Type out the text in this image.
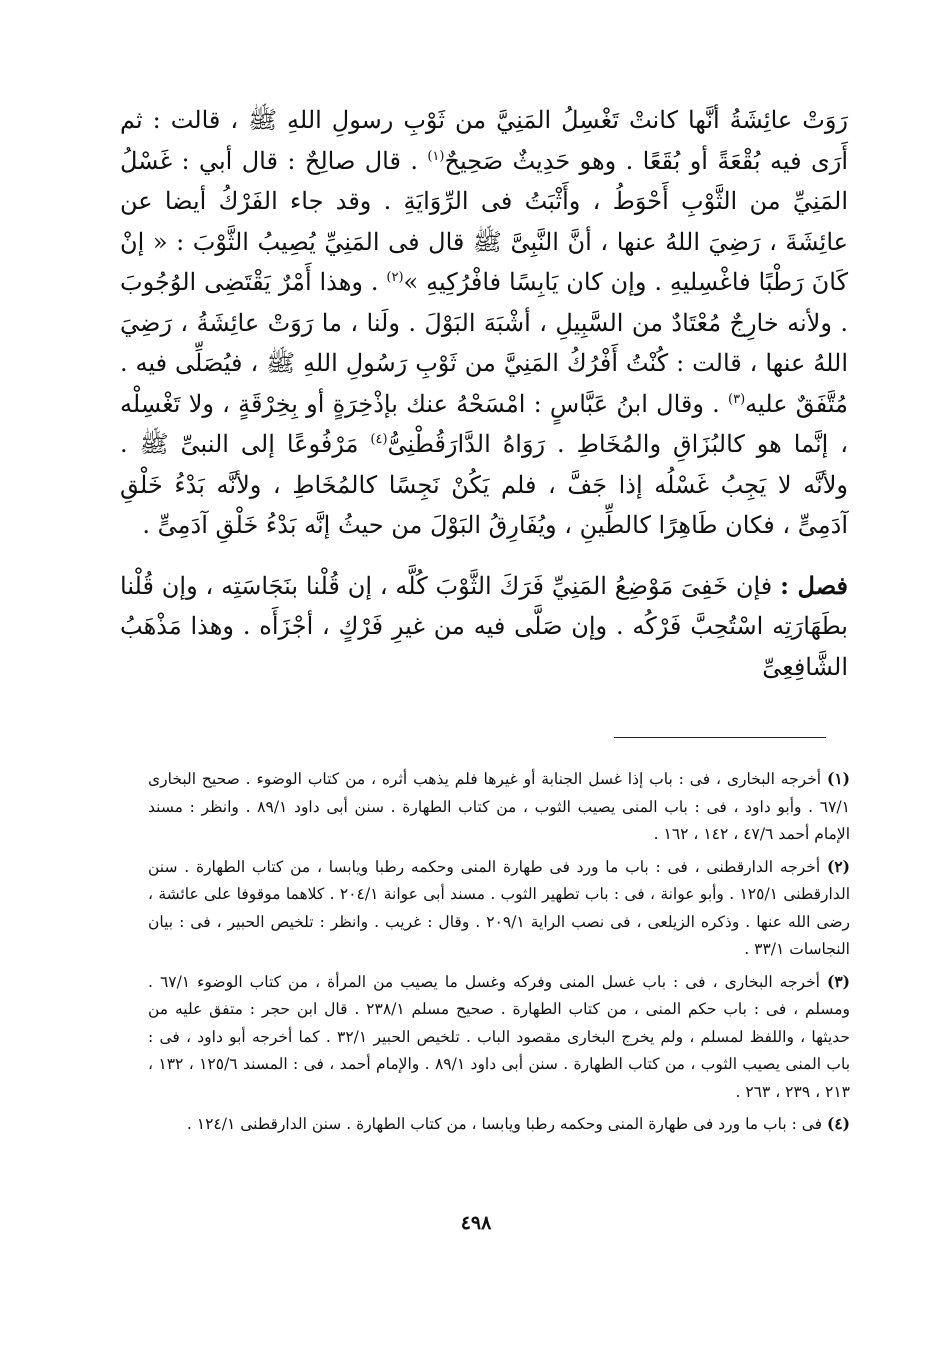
رَوَتْ عائِشَةُ أنَّها كانتْ تَغْسِلُ المَنِيَّ من ثَوْبِ رسولِ اللهِ ﷺ ، قالت : ثم أَرَى فيه بُقْعَةً أو بُقَعًا . وهو حَدِيثٌ صَحِيحٌ$^{(١)}$ . قال صالِحٌ : قال أبي : غَسْلُ المَنِيِّ من الثَّوْبِ أَحْوَطُ ، وأَثْبَتُ فى الرِّوَايَةِ . وقد جاء الفَرْكُ أيضا عن عائِشَةَ ، رَضِيَ اللهُ عنها ، أنَّ النَّبِىَّ ﷺ قال فى المَنِيِّ يُصِيبُ الثَّوْبَ : « إنْ كَانَ رَطْبًا فاغْسِليهِ . وإن كان يَابِسًا فافْرُكِيهِ »$^{(٢)}$ . وهذا أَمْرٌ يَقْتَضِى الوُجُوبَ . ولأنه خارِجٌ مُعْتَادٌ من السَّبِيلِ ، أشْبَهَ البَوْلَ . ولَنا ، ما رَوَتْ عائِشَةُ ، رَضِيَ اللهُ عنها ، قالت : كُنْتُ أَفْرُكُ المَنِيَّ من ثَوْبِ رَسُولِ اللهِ ﷺ ، فيُصَلِّى فيه . مُتَّفَقٌ عليه$^{(٣)}$ . وقال ابنُ عَبَّاسٍ : امْسَحْهُ عنك بإذْخِرَةٍ أو بِخِرْقَةٍ ، ولا تَغْسِلْه ، إنَّما هو كالبُزَاقِ والمُخَاطِ . رَوَاهُ الدَّارَقُطْنِىُّ$^{(٤)}$ مَرْفُوعًا إلى النبىِّ ﷺ . ولأنَّه لا يَجِبُ غَسْلُه إذا جَفَّ ، فلم يَكُنْ نَجِسًا كالمُخَاطِ ، ولأنَّه بَدْءُ خَلْقِ آدَمِىٍّ ، فكان طَاهِرًا كالطِّينِ ، ويُفَارِقُ البَوْلَ من حيثُ إنَّه بَدْءُ خَلْقِ آدَمِىٍّ .

فصل : فإن خَفِىَ مَوْضِعُ المَنِيِّ فَرَكَ الثَّوْبَ كُلَّه ، إن قُلْنا بنَجَاسَتِه ، وإن قُلْنا بطَهَارَتِه اسْتُحِبَّ فَرْكُه . وإن صَلَّى فيه من غيرِ فَرْكٍ ، أجْزَأَه . وهذا مَذْهَبُ الشَّافِعِىِّ

(١) أخرجه البخارى ، فى : باب إذا غسل الجنابة أو غيرها فلم يذهب أثره ، من كتاب الوضوء . صحيح البخارى ٦٧/١ . وأبو داود ، فى : باب المنى يصيب الثوب ، من كتاب الطهارة . سنن أبى داود ٨٩/١ . وانظر : مسند الإمام أحمد ٤٧/٦ ، ١٤٢ ، ١٦٢ .

(٢) أخرجه الدارقطنى ، فى : باب ما ورد فى طهارة المنى وحكمه رطبا ويابسا ، من كتاب الطهارة . سنن الدارقطنى ١٢٥/١ . وأبو عوانة ، فى : باب تطهير الثوب . مسند أبى عوانة ٢٠٤/١ . كلاهما موقوفا على عائشة ، رضى الله عنها . وذكره الزيلعى ، فى نصب الراية ٢٠٩/١ . وقال : غريب . وانظر : تلخيص الحبير ، فى : بيان النجاسات ٣٣/١ .

(٣) أخرجه البخارى ، فى : باب غسل المنى وفركه وغسل ما يصيب من المرأة ، من كتاب الوضوء ٦٧/١ . ومسلم ، فى : باب حكم المنى ، من كتاب الطهارة . صحيح مسلم ٢٣٨/١ . قال ابن حجر : متفق عليه من حديثها ، واللفظ لمسلم ، ولم يخرج البخارى مقصود الباب . تلخيص الحبير ٣٢/١ . كما أخرجه أبو داود ، فى : باب المنى يصيب الثوب ، من كتاب الطهارة . سنن أبى داود ٨٩/١ . والإمام أحمد ، فى : المسند ١٢٥/٦ ، ١٣٢ ، ٢١٣ ، ٢٣٩ ، ٢٦٣ .

(٤) فى : باب ما ورد فى طهارة المنى وحكمه رطبا ويابسا ، من كتاب الطهارة . سنن الدارقطنى ١٢٤/١ .

٤٩٨
